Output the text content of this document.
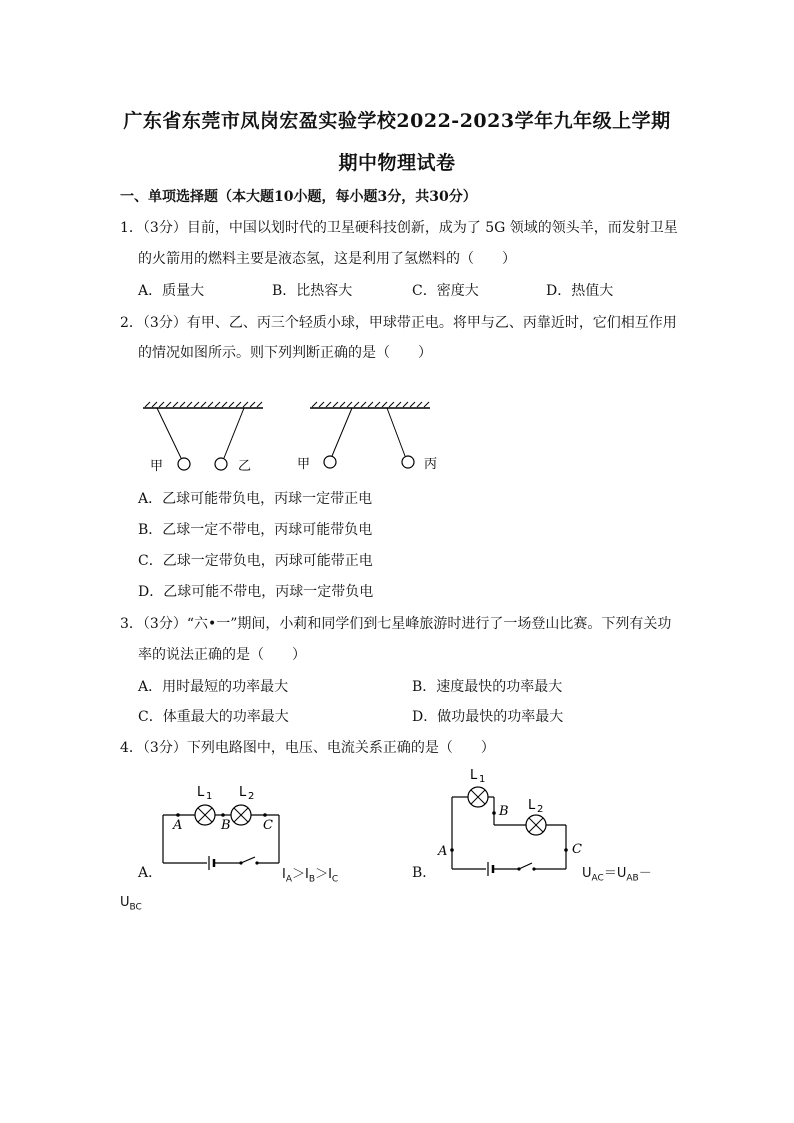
广东省东莞市凤岗宏盈实验学校2022-2023学年九年级上学期
期中物理试卷
一、单项选择题（本大题10小题，每小题3分，共30分）
1．（3分）目前，中国以划时代的卫星硬科技创新，成为了 5G 领域的领头羊，而发射卫星
的火箭用的燃料主要是液态氢，这是利用了氢燃料的（　　）
A．质量大	B．比热容大	C．密度大	D．热值大
2．（3分）有甲、乙、丙三个轻质小球，甲球带正电。将甲与乙、丙靠近时，它们相互作用
的情况如图所示。则下列判断正确的是（　　）
甲	乙	甲	丙
A．乙球可能带负电，丙球一定带正电
B．乙球一定不带电，丙球可能带负电
C．乙球一定带负电，丙球可能带正电
D．乙球可能不带电，丙球一定带负电
3．（3分）“六•一”期间，小莉和同学们到七星峰旅游时进行了一场登山比赛。下列有关功
率的说法正确的是（　　）
A．用时最短的功率最大	B．速度最快的功率最大
C．体重最大的功率最大	D．做功最快的功率最大
4．（3分）下列电路图中，电压、电流关系正确的是（　　）
A．
L 1 L 2
A	B C
$I_A>I_B>I_C$	B．
L 1
L 2
B
A	C
$U_{AC}=U_{AB}-$
$U_{BC}$
